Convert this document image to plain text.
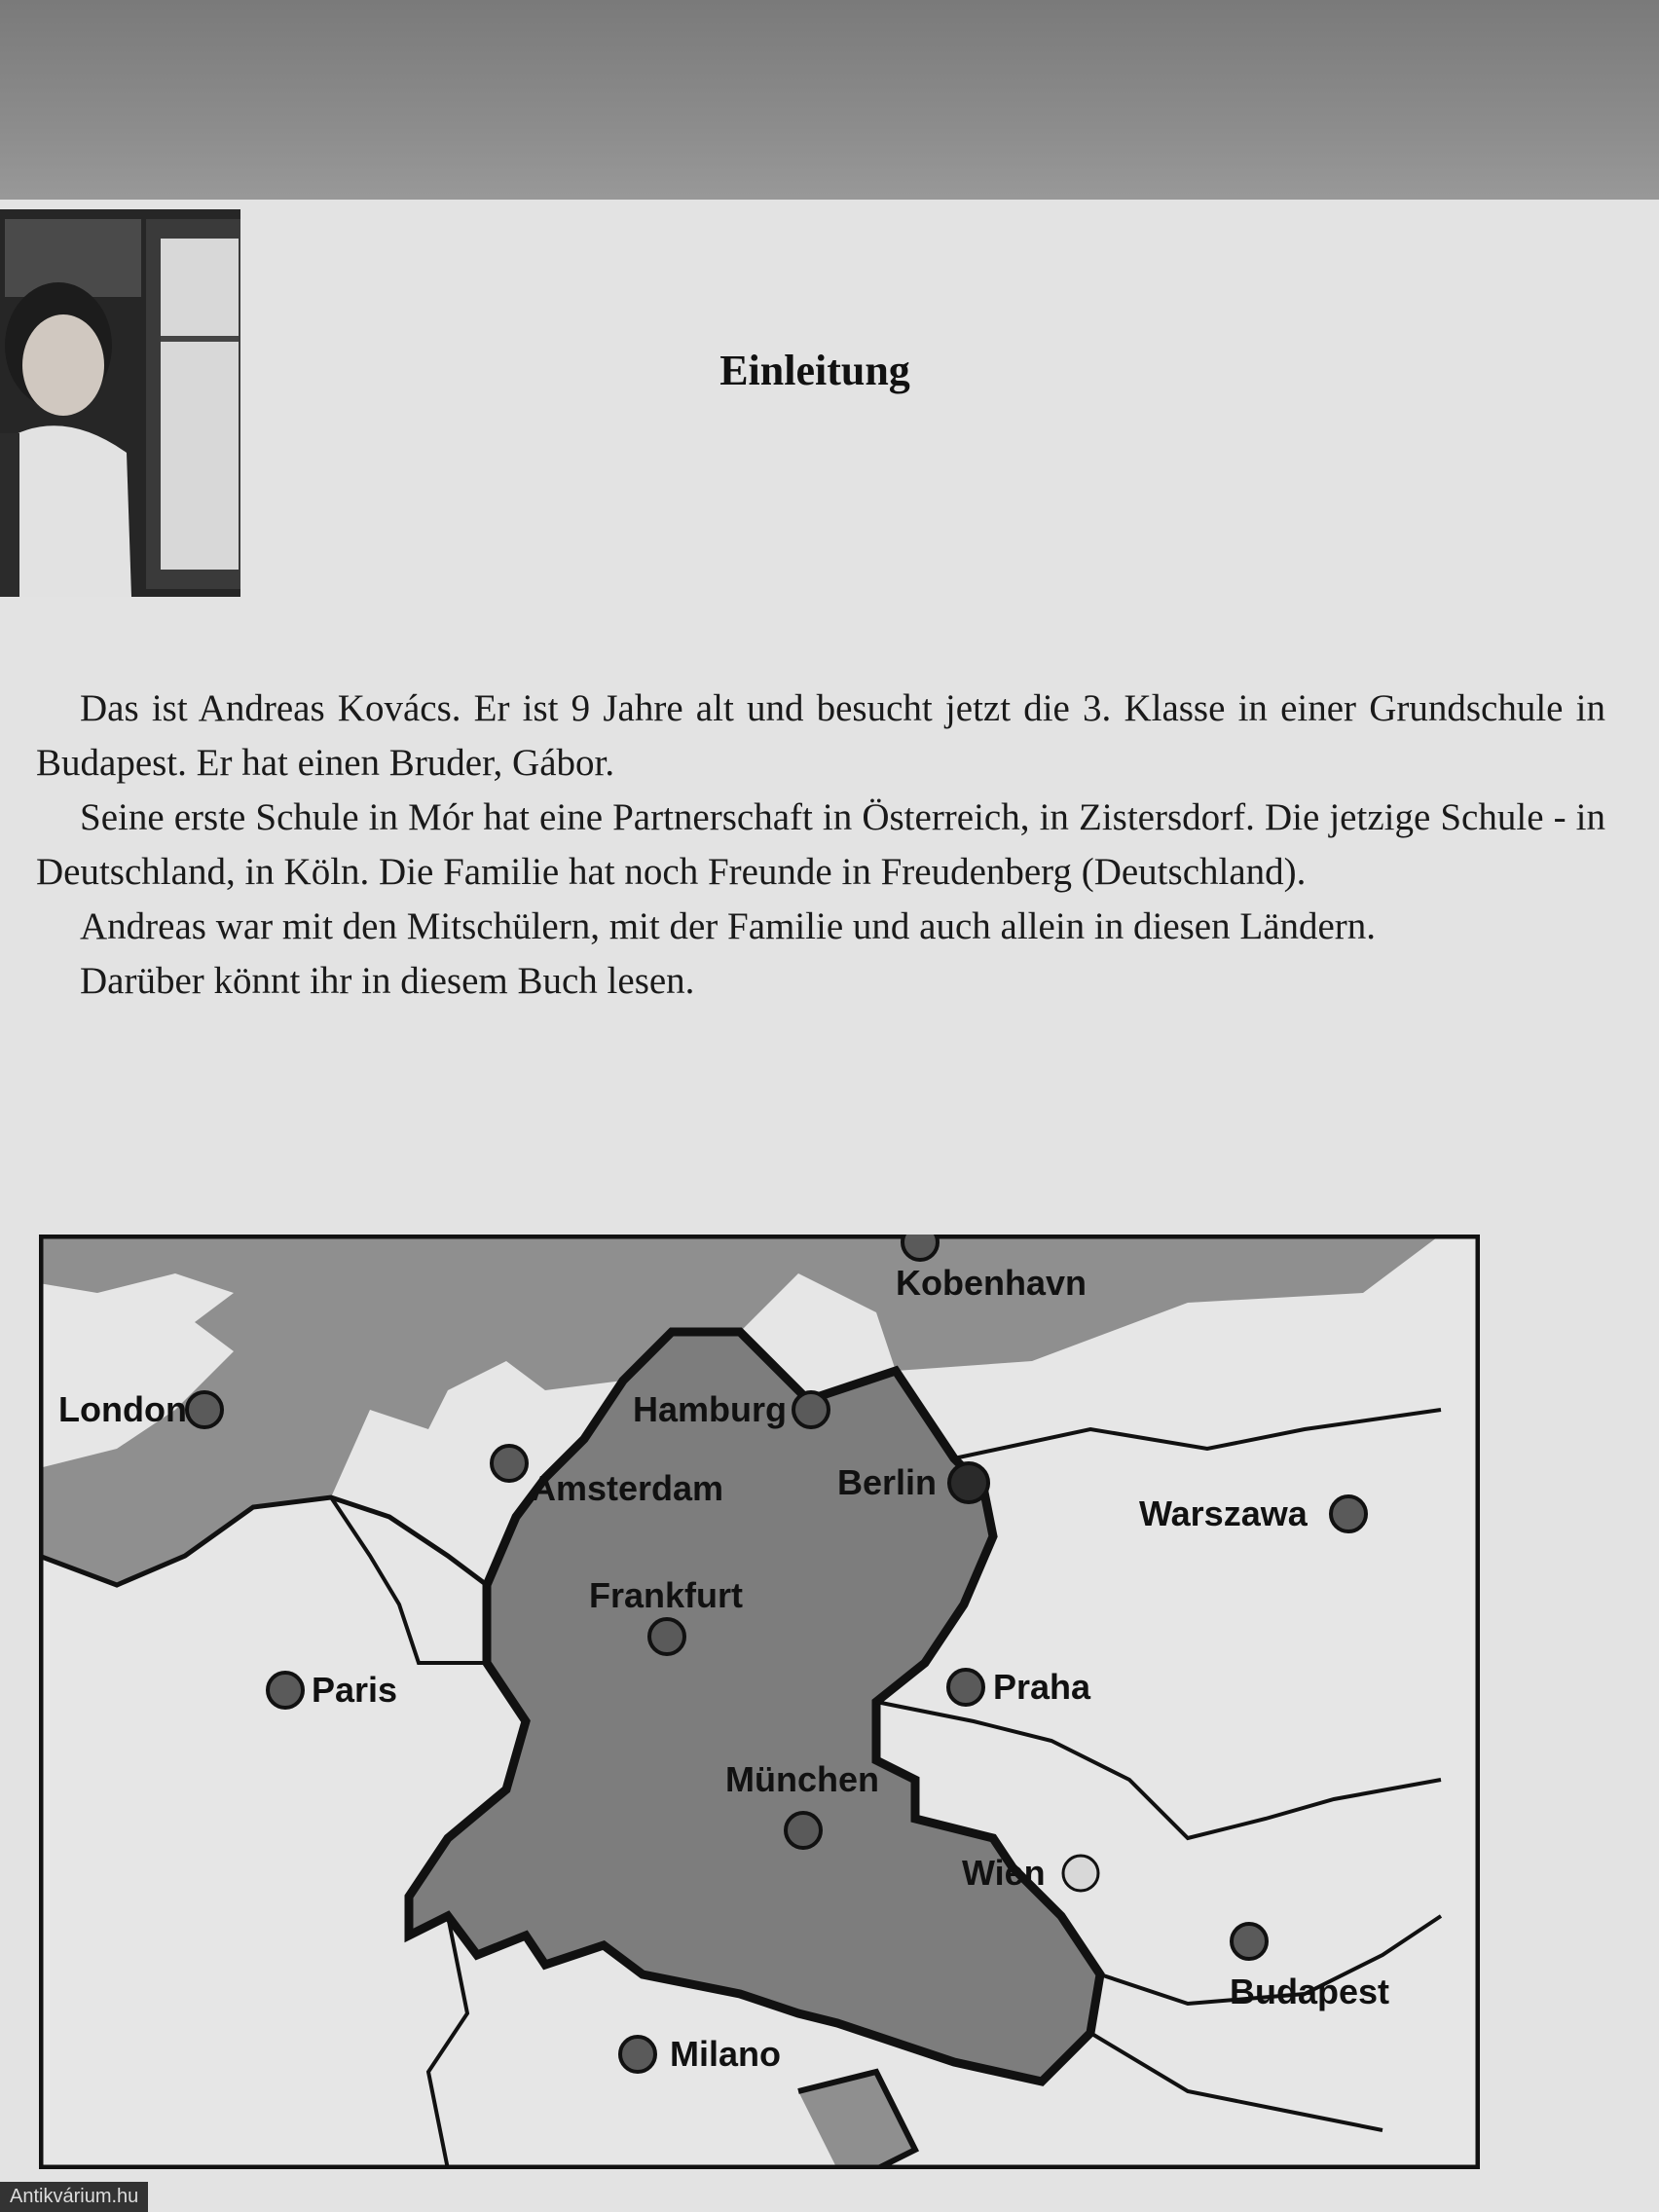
Einleitung

Das ist Andreas Kovács. Er ist 9 Jahre alt und besucht jetzt die 3. Klasse in einer Grundschule in Budapest. Er hat einen Bruder, Gábor.

Seine erste Schule in Mór hat eine Partnerschaft in Österreich, in Zistersdorf. Die jetzige Schule - in Deutschland, in Köln. Die Familie hat noch Freunde in Freudenberg (Deutschland).

Andreas war mit den Mitschülern, mit der Familie und auch allein in diesen Ländern.

Darüber könnt ihr in diesem Buch lesen.

London	Hamburg
Kobenhavn
Amsterdam	Berlin
Warszawa
Frankfurt
Paris	Praha
München
Wien
Budapest
Milano
Antikvárium.hu
